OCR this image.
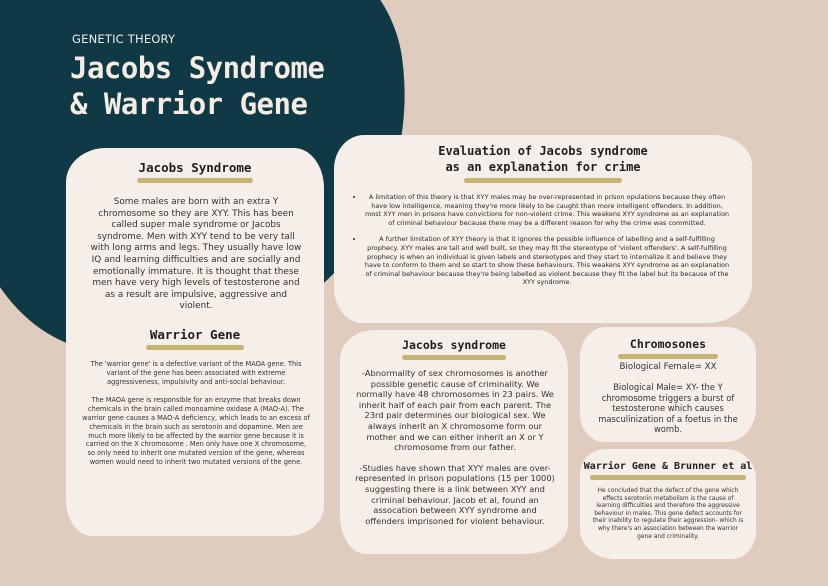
GENETIC THEORY
Jacobs Syndrome
& Warrior Gene
Jacobs Syndrome
Some males are born with an extra Y chromosome so they are XYY. This has been called super male syndrome or Jacobs syndrome. Men with XYY tend to be very tall with long arms and legs. They usually have low IQ and learning difficulties and are socially and emotionally immature. It is thought that these men have very high levels of testosterone and as a result are impulsive, aggressive and violent.
Warrior Gene
The 'warrior gene' is a defective variant of the MAOA gene. This variant of the gene has been associated with extreme aggressiveness, impulsivity and anti-social behaviour.
The MAOA gene is responsible for an enzyme that breaks down chemicals in the brain called monoamine oxidase A (MAO-A). The warrior gene causes a MAO-A deficiency, which leads to an excess of chemicals in the brain such as serotonin and dopamine. Men are much more likely to be affected by the warrior gene because it is carried on the X chromosome . Men only have one X chromosome, so only need to inherit one mutated version of the gene, whereas women would need to inherit two mutated versions of the gene.
Evaluation of Jacobs syndrome
as an explanation for crime
• A limitation of this theory is that XYY males may be over-represented in prison opulations because they often have low intelligence, meaning they're more likely to be caught than more intelligent offenders. In addition, most XYY men in prisons have convictions for non-violent crime. This weakens XYY syndrome as an explanation of criminal behaviour because there may be a different reason for why the crime was committed.
• A further limitation of XYY theory is that it ignores the possible influence of labelling and a self-fulfilling prophecy. XYY males are tall and well built, so they may fit the stereotype of 'violent offenders'. A self-fulfilling prophecy is when an individual is given labels and stereotypes and they start to internalize it and believe they have to conform to them and so start to show these behaviours. This weakens XYY syndrome as an explanation of criminal behaviour because they're being labelled as violent because they fit the label but its because of the XYY syndrome.
Jacobs syndrome
-Abnormality of sex chromosomes is another possible genetic cause of criminality. We normally have 48 chromosomes in 23 pairs. We inherit half of each pair from each parent. The 23rd pair determines our biological sex. We always inherit an X chromosome form our mother and we can either inherit an X or Y chromosome from our father.
-Studies have shown that XYY males are over-represented in prison populations (15 per 1000) suggesting there is a link between XYY and criminal behaviour. Jacob et al, found an assocation between XYY syndrome and offenders imprisoned for violent behaviour.
Chromosones
Biological Female= XX
Biological Male= XY- the Y chromosome triggers a burst of testosterone which causes masculinization of a foetus in the womb.
Warrior Gene & Brunner et al
He concluded that the defect of the gene which effects serotonin metabolism is the cause of learning difficulties and therefore the aggressive behaviour in males. This gene defect accounts for their inability to regulate their aggression- which is why there's an association between the warrior gene and criminality.
